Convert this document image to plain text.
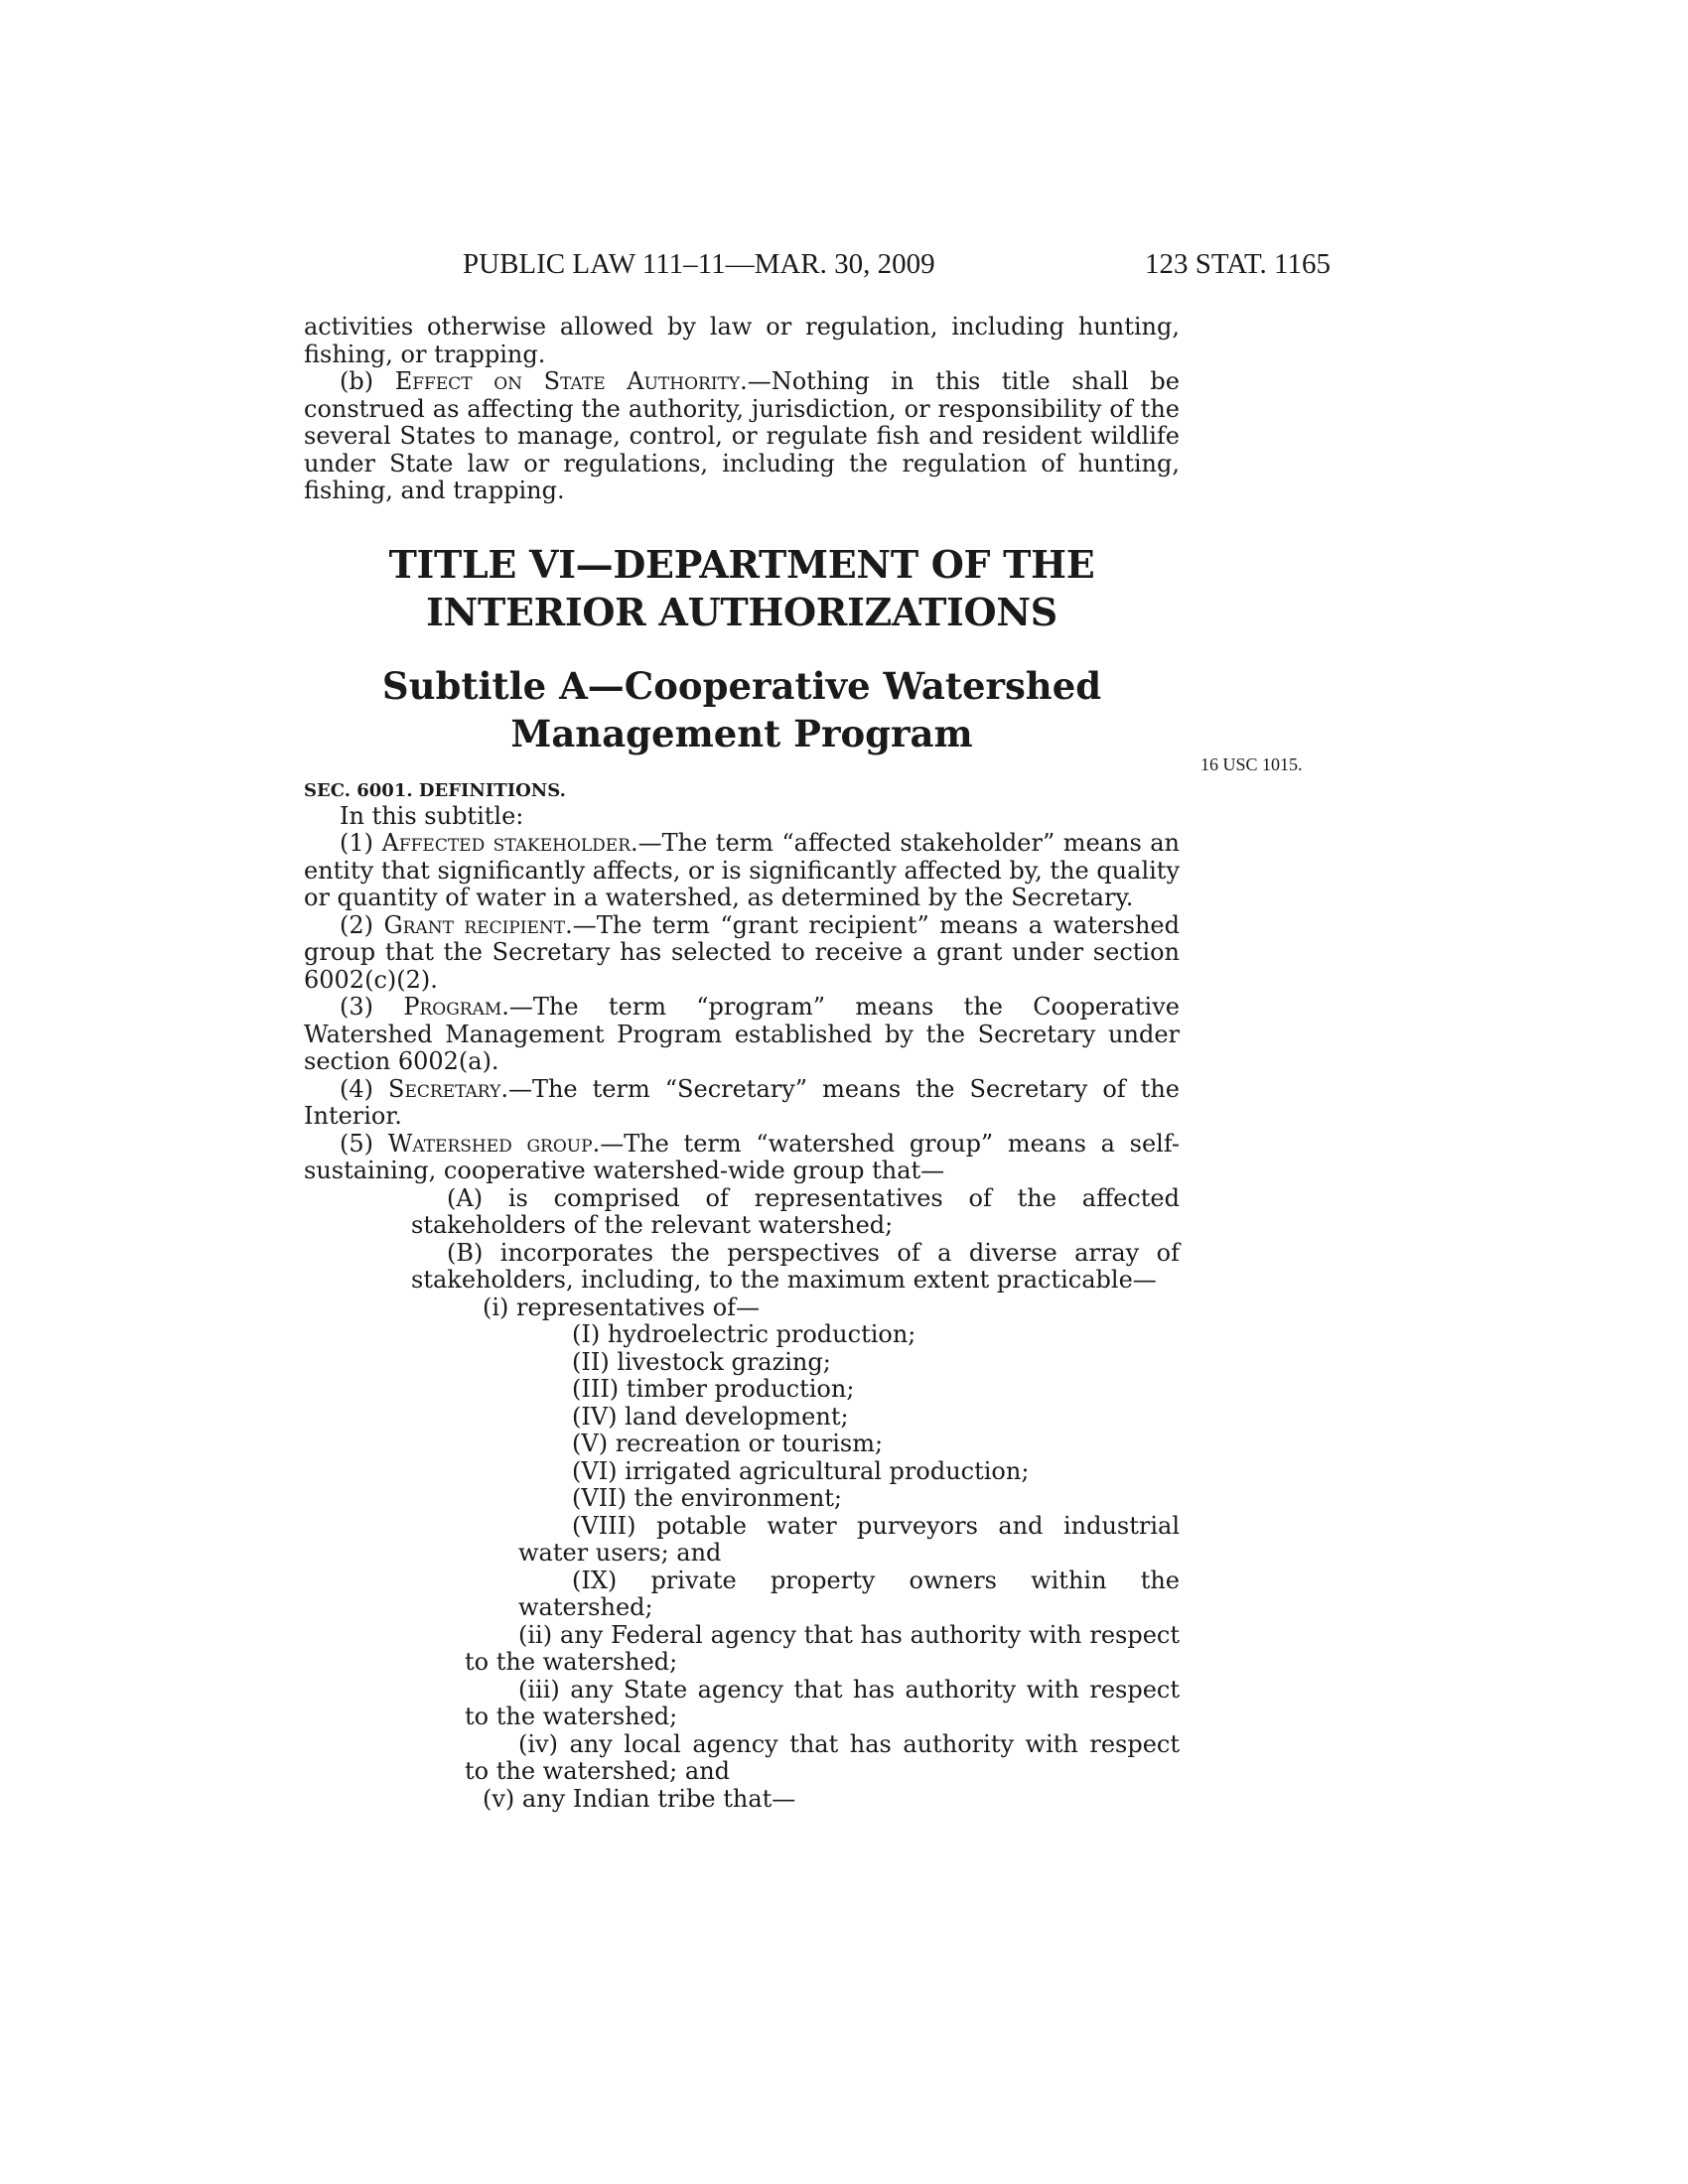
PUBLIC LAW 111–11—MAR. 30, 2009	123 STAT. 1165
16 USC 1015.

activities otherwise allowed by law or regulation, including hunting, fishing, or trapping.

(b) Effect on State Authority.—Nothing in this title shall be construed as affecting the authority, jurisdiction, or responsibility of the several States to manage, control, or regulate fish and resident wildlife under State law or regulations, including the regulation of hunting, fishing, and trapping.

TITLE VI—DEPARTMENT OF THE

INTERIOR AUTHORIZATIONS

Subtitle A—Cooperative Watershed

Management Program

SEC. 6001. DEFINITIONS.

In this subtitle:

(1) Affected stakeholder.—The term “affected stakeholder” means an entity that significantly affects, or is significantly affected by, the quality or quantity of water in a watershed, as determined by the Secretary.

(2) Grant recipient.—The term “grant recipient” means a watershed group that the Secretary has selected to receive a grant under section 6002(c)(2).

(3) Program.—The term “program” means the Cooperative Watershed Management Program established by the Secretary under section 6002(a).

(4) Secretary.—The term “Secretary” means the Secretary of the Interior.

(5) Watershed group.—The term “watershed group” means a self-sustaining, cooperative watershed-wide group that—

(A) is comprised of representatives of the affected stakeholders of the relevant watershed;

(B) incorporates the perspectives of a diverse array of stakeholders, including, to the maximum extent practicable—

(i) representatives of—

(I) hydroelectric production;

(II) livestock grazing;

(III) timber production;

(IV) land development;

(V) recreation or tourism;

(VI) irrigated agricultural production;

(VII) the environment;

(VIII) potable water purveyors and industrial water users; and

(IX) private property owners within the watershed;

(ii) any Federal agency that has authority with respect to the watershed;

(iii) any State agency that has authority with respect to the watershed;

(iv) any local agency that has authority with respect to the watershed; and

(v) any Indian tribe that—
